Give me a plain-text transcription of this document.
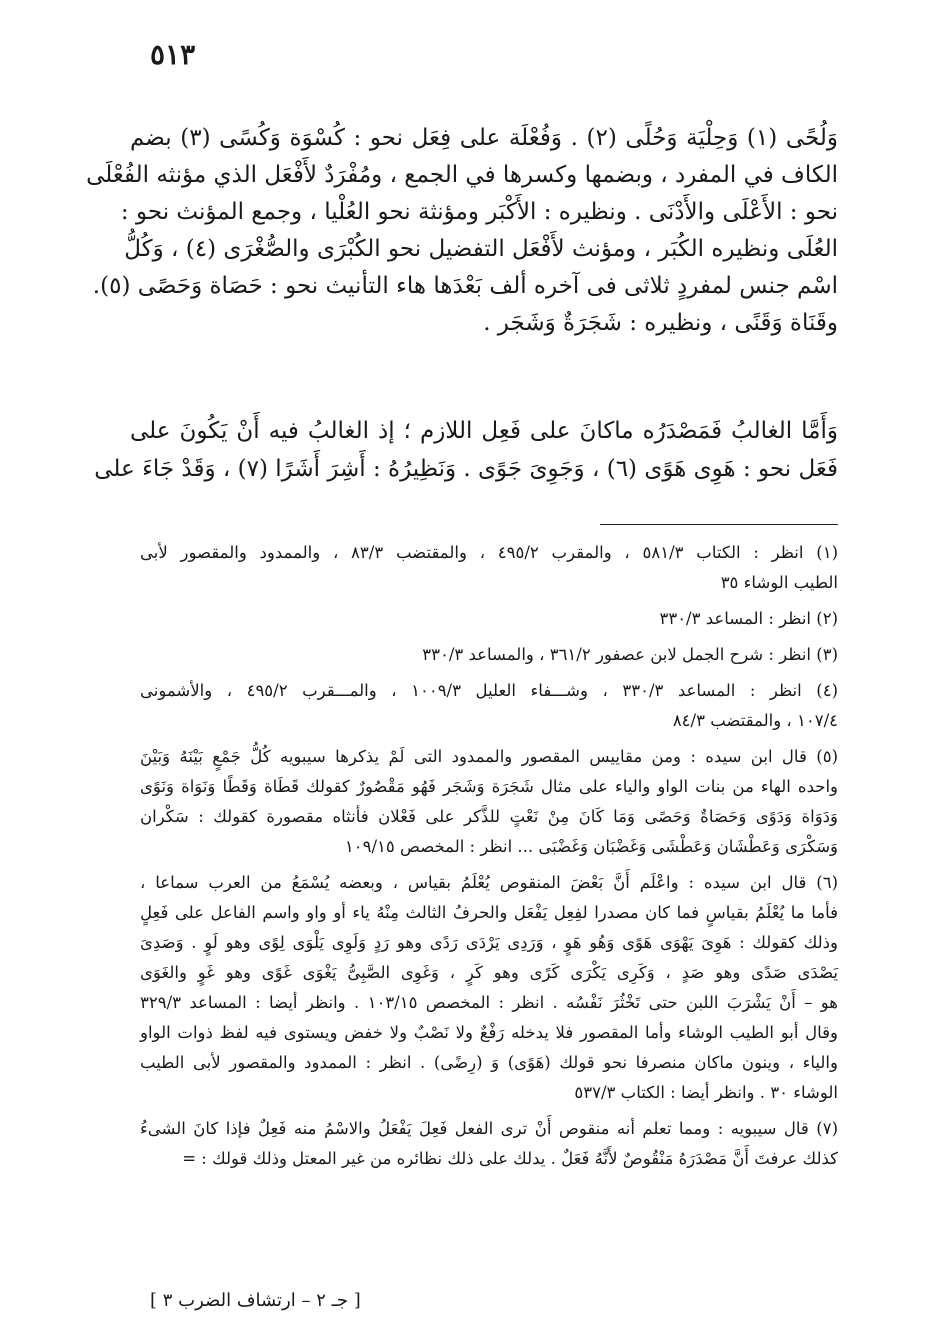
٥١٣
وَلُحًى (١) وَحِلْيَة وَحُلًى (٢) . وَفُعْلَة على فِعَل نحو : كُسْوَة وَكُسًى (٣) بضم
الكاف في المفرد ، وبضمها وكسرها في الجمع ، ومُفْرَدٌ لأَفْعَل الذي مؤنثه الفُعْلَى
نحو : الأَعْلَى والأَدْنَى . ونظيره : الأَكْبَر ومؤنثة نحو العُلْيا ، وجمع المؤنث نحو :
العُلَى ونظيره الكُبَر ، ومؤنث لأَفْعَل التفضيل نحو الكُبْرَى والصُّغْرَى (٤) ، وَكُلُّ
اسْم جنس لمفردٍ ثلاثى فى آخره ألف بَعْدَها هاء التأنيث نحو : حَصَاة وَحَصًى (٥).
وقَنَاة وَقَنًى ، ونظيره : شَجَرَةٌ وَشَجَر .
وَأَمَّا الغالبُ فَمَصْدَرُه ماكانَ على فَعِل اللازم ؛ إذ الغالبُ فيه أَنْ يَكُونَ على
فَعَل نحو : هَوِى هَوًى (٦) ، وَجَوِىَ جَوًى . وَنَظِيرُهُ : أَشِرَ أَشَرًا (٧) ، وَقَدْ جَاءَ على
(١) انظر : الكتاب ٥٨١/٣ ، والمقرب ٤٩٥/٢ ، والمقتضب ٨٣/٣ ، والممدود والمقصور لأبى
الطيب الوشاء ٣٥
(٢) انظر : المساعد ٣٣٠/٣
(٣) انظر : شرح الجمل لابن عصفور ٣٦١/٢ ، والمساعد ٣٣٠/٣
(٤) انظر : المساعد ٣٣٠/٣ ، وشـــفاء العليل ١٠٠٩/٣ ، والمـــقرب ٤٩٥/٢ ، والأشمونى
١٠٧/٤ ، والمقتضب ٨٤/٣
(٥) قال ابن سيده : ومن مقاييس المقصور والممدود التى لَمْ يذكرها سيبويه كُلُّ جَمْعٍ بَيْنَهُ وَبَيْنَ
واحده الهاء من بنات الواو والياء على مثال شَجَرَة وَشَجَر فَهُو مَقْصُورٌ كقولك قَطَاة وَقَطًا وَنَوَاة وَنَوًى
وَدَوَاة وَدَوًى وَحَصَاةٌ وَحَصًى وَمَا كَانَ مِنْ نَعْتٍ للذَّكر على فَعْلان فأنثاه مقصورة كقولك : سَكْران
وَسَكْرَى وَعَطْشَان وَعَطْشَى وَغَضْبَان وَغَضْبَى ... انظر : المخصص ١٠٩/١٥
(٦) قال ابن سيده : واعْلَم أَنَّ بَعْضَ المنقوص يُعْلَمُ بقياس ، وبعضه يُسْمَعُ من العرب سماعا ،
فأما ما يُعْلَمُ بقياسٍ فما كان مصدرا لفِعِل يَفْعَل والحرفُ الثالث مِنْهُ ياء أو واو واسم الفاعل على فَعِلٍ
وذلك كقولك : هَوِىَ يَهْوَى هَوًى وَهُو هَوٍ ، وَرَدِى يَرْدَى رَدًى وهو رَدٍ وَلَوِى يَلْوَى لِوًى وهو لَوٍ . وَصَدِىَ
يَصْدَى صَدًى وهو صَدٍ ، وَكَرِى يَكْرَى كَرًى وهو كَرٍ ، وَغَوِى الصَّبِىُّ يَغْوَى غَوًى وهو غَوٍ والغَوَى
هو – أَنْ يَشْرَبَ اللبن حتى تَخْثُرَ نَفْسُه . انظر : المخصص ١٠٣/١٥ . وانظر أيضا : المساعد ٣٢٩/٣
وقال أبو الطيب الوشاء وأما المقصور فلا يدخله رَفْعٌ ولا نَصْبٌ ولا خفض ويستوى فيه لفظ ذوات الواو
والياء ، وينون ماكان منصرفا نحو قولك (هَوًى) وَ (رِضًى) . انظر : الممدود والمقصور لأبى الطيب
الوشاء ٣٠ . وانظر أيضا : الكتاب ٥٣٧/٣
(٧) قال سيبويه : ومما تعلم أنه منقوص أَنْ ترى الفعل فَعِلَ يَفْعَلُ والاسْمُ منه فَعِلٌ فإذا كانَ الشىءُ
كذلك عرفتَ أَنَّ مَصْدَرَهُ مَنْقُوصٌ لأَنَّهُ فَعَلٌ . يدلك على ذلك نظائره من غير المعتل وذلك قولك : =
[ جـ ٢ – ارتشاف الضرب ٣ ]
